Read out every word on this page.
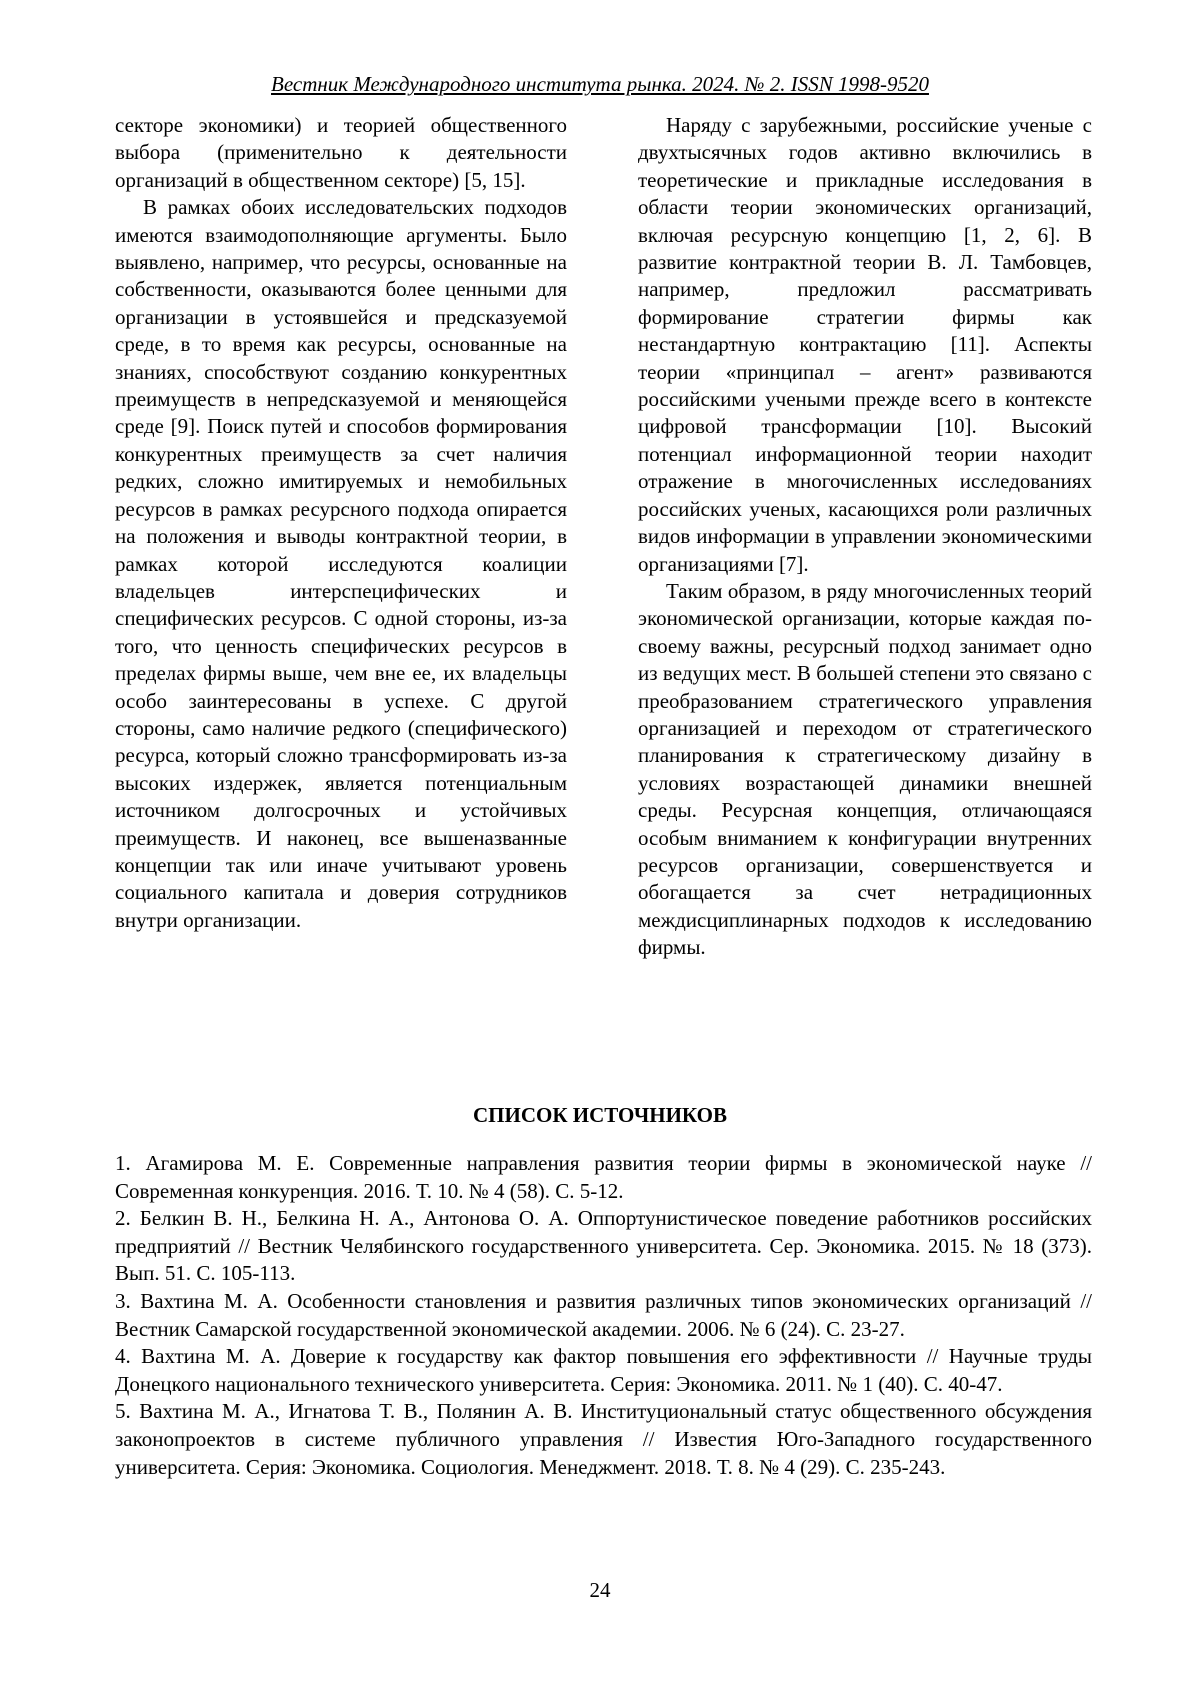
Вестник Международного института рынка. 2024. № 2. ISSN 1998-9520

секторе экономики) и теорией общественного выбора (применительно к деятельности организаций в общественном секторе) [5, 15].

В рамках обоих исследовательских подходов имеются взаимодополняющие аргументы. Было выявлено, например, что ресурсы, основанные на собственности, оказываются более ценными для организации в устоявшейся и предсказуемой среде, в то время как ресурсы, основанные на знаниях, способствуют созданию конкурентных преимуществ в непредсказуемой и меняющейся среде [9]. Поиск путей и способов формирования конкурентных преимуществ за счет наличия редких, сложно имитируемых и немобильных ресурсов в рамках ресурсного подхода опирается на положения и выводы контрактной теории, в рамках которой исследуются коалиции владельцев интерспецифических и специфических ресурсов. С одной стороны, из-за того, что ценность специфических ресурсов в пределах фирмы выше, чем вне ее, их владельцы особо заинтересованы в успехе. С другой стороны, само наличие редкого (специфического) ресурса, который сложно трансформировать из-за высоких издержек, является потенциальным источником долгосрочных и устойчивых преимуществ. И наконец, все вышеназванные концепции так или иначе учитывают уровень социального капитала и доверия сотрудников внутри организации.

Наряду с зарубежными, российские ученые с двухтысячных годов активно включились в теоретические и прикладные исследования в области теории экономических организаций, включая ресурсную концепцию [1, 2, 6]. В развитие контрактной теории В. Л. Тамбовцев, например, предложил рассматривать формирование стратегии фирмы как нестандартную контрактацию [11]. Аспекты теории «принципал – агент» развиваются российскими учеными прежде всего в контексте цифровой трансформации [10]. Высокий потенциал информационной теории находит отражение в многочисленных исследованиях российских ученых, касающихся роли различных видов информации в управлении экономическими организациями [7].

Таким образом, в ряду многочисленных теорий экономической организации, которые каждая по-своему важны, ресурсный подход занимает одно из ведущих мест. В большей степени это связано с преобразованием стратегического управления организацией и переходом от стратегического планирования к стратегическому дизайну в условиях возрастающей динамики внешней среды. Ресурсная концепция, отличающаяся особым вниманием к конфигурации внутренних ресурсов организации, совершенствуется и обогащается за счет нетрадиционных междисциплинарных подходов к исследованию фирмы.

СПИСОК ИСТОЧНИКОВ
1. Агамирова М. Е. Современные направления развития теории фирмы в экономической науке // Современная конкуренция. 2016. Т. 10. № 4 (58). С. 5-12.
2. Белкин В. Н., Белкина Н. А., Антонова О. А. Оппортунистическое поведение работников российских предприятий // Вестник Челябинского государственного университета. Сер. Экономика. 2015. № 18 (373). Вып. 51. С. 105-113.
3. Вахтина М. А. Особенности становления и развития различных типов экономических организаций // Вестник Самарской государственной экономической академии. 2006. № 6 (24). С. 23-27.
4. Вахтина М. А. Доверие к государству как фактор повышения его эффективности // Научные труды Донецкого национального технического университета. Серия: Экономика. 2011. № 1 (40). С. 40-47.
5. Вахтина М. А., Игнатова Т. В., Полянин А. В. Институциональный статус общественного обсуждения законопроектов в системе публичного управления // Известия Юго-Западного государственного университета. Серия: Экономика. Социология. Менеджмент. 2018. Т. 8. № 4 (29). С. 235-243.
24
